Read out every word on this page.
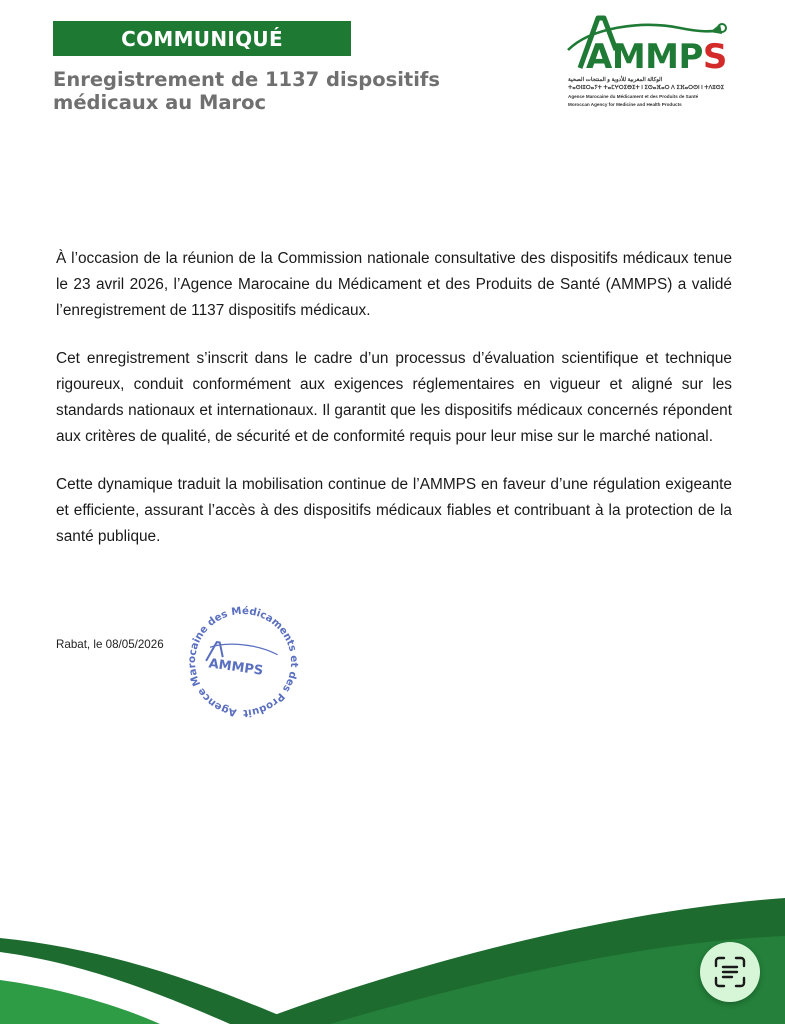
COMMUNIQUÉ
Enregistrement de 1137 dispositifs
médicaux au Maroc
AMMPS
الوكالة المغربية للأدوية و المنتجات الصحية
ⵜⴰⵙⵏⵓⵔⴰⵢⵜ ⵜⴰⵎⵖⵔⵉⴱⵉⵜ ⵏ ⵉⵙⴰⴼⴰⵔ ⴷ ⵉⴼⴰⵔⵙⵏ ⵏ ⵜⴷⵓⵙⵉ
Agence Marocaine du Médicament et des Produits de Santé
Moroccan Agency for Medicine and Health Products

À l’occasion de la réunion de la Commission nationale consultative des dispositifs médicaux tenue le 23 avril 2026, l’Agence Marocaine du Médicament et des Produits de Santé (AMMPS) a validé l’enregistrement de 1137 dispositifs médicaux.

Cet enregistrement s’inscrit dans le cadre d’un processus d’évaluation scientifique et technique rigoureux, conduit conformément aux exigences réglementaires en vigueur et aligné sur les standards nationaux et internationaux. Il garantit que les dispositifs médicaux concernés répondent aux critères de qualité, de sécurité et de conformité requis pour leur mise sur le marché national.

Cette dynamique traduit la mobilisation continue de l’AMMPS en faveur d’une régulation exigeante et efficiente, assurant l’accès à des dispositifs médicaux fiables et contribuant à la protection de la santé publique.

Rabat, le 08/05/2026
Agence Marocaine des Médicaments et des Produit
AMMPS
